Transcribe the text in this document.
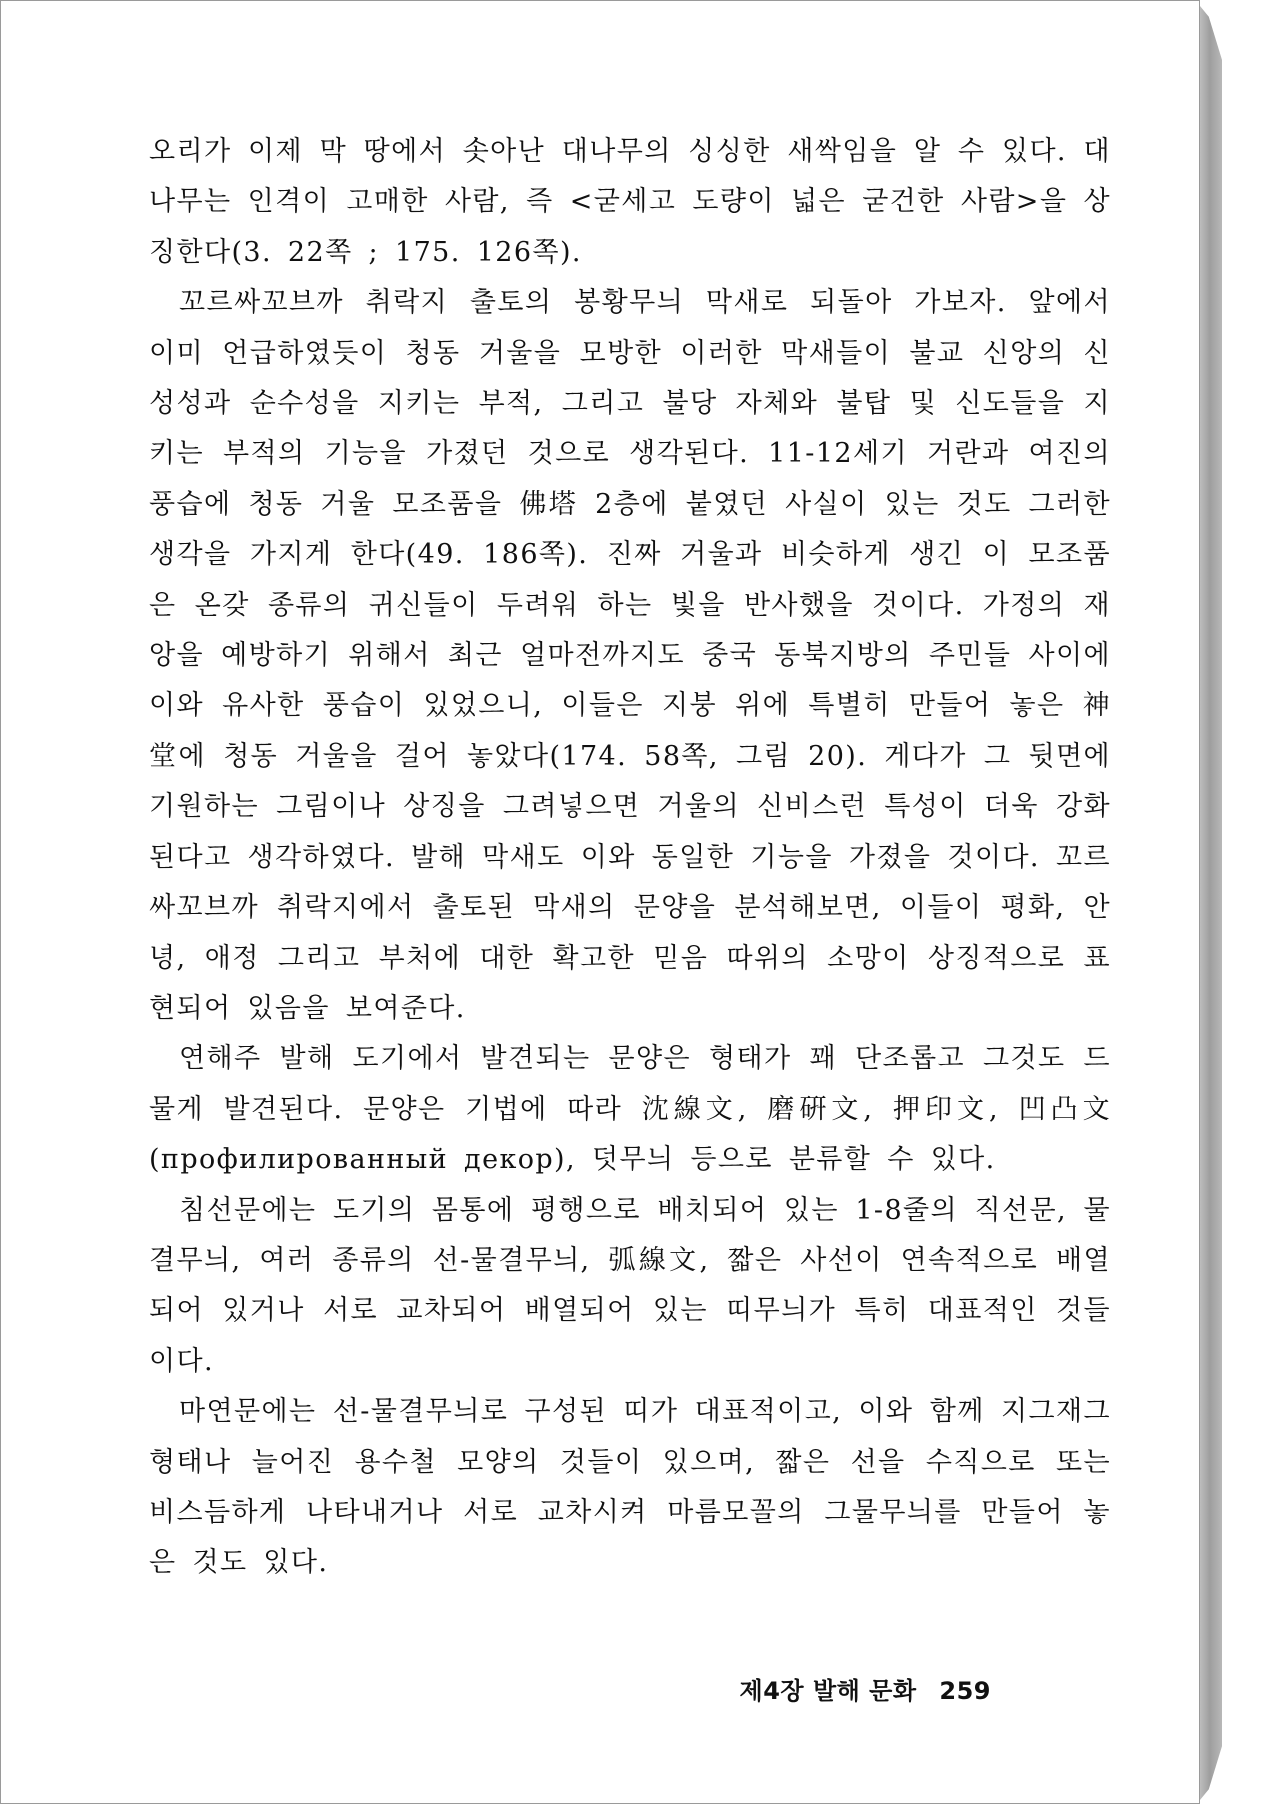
오리가 이제 막 땅에서 솟아난 대나무의 싱싱한 새싹임을 알 수 있다. 대나무는 인격이 고매한 사람, 즉 <굳세고 도량이 넓은 굳건한 사람>을 상징한다(3. 22쪽 ; 175. 126쪽).

꼬르싸꼬브까 취락지 출토의 봉황무늬 막새로 되돌아 가보자. 앞에서 이미 언급하였듯이 청동 거울을 모방한 이러한 막새들이 불교 신앙의 신성성과 순수성을 지키는 부적, 그리고 불당 자체와 불탑 및 신도들을 지키는 부적의 기능을 가졌던 것으로 생각된다. 11-12세기 거란과 여진의 풍습에 청동 거울 모조품을 佛塔 2층에 붙였던 사실이 있는 것도 그러한 생각을 가지게 한다(49. 186쪽). 진짜 거울과 비슷하게 생긴 이 모조품은 온갖 종류의 귀신들이 두려워 하는 빛을 반사했을 것이다. 가정의 재앙을 예방하기 위해서 최근 얼마전까지도 중국 동북지방의 주민들 사이에 이와 유사한 풍습이 있었으니, 이들은 지붕 위에 특별히 만들어 놓은 神堂에 청동 거울을 걸어 놓았다(174. 58쪽, 그림 20). 게다가 그 뒷면에 기원하는 그림이나 상징을 그려넣으면 거울의 신비스런 특성이 더욱 강화된다고 생각하였다. 발해 막새도 이와 동일한 기능을 가졌을 것이다. 꼬르싸꼬브까 취락지에서 출토된 막새의 문양을 분석해보면, 이들이 평화, 안녕, 애정 그리고 부처에 대한 확고한 믿음 따위의 소망이 상징적으로 표현되어 있음을 보여준다.

연해주 발해 도기에서 발견되는 문양은 형태가 꽤 단조롭고 그것도 드물게 발견된다. 문양은 기법에 따라 沈線文, 磨硏文, 押印文, 凹凸文(профилированный декор), 덧무늬 등으로 분류할 수 있다.

침선문에는 도기의 몸통에 평행으로 배치되어 있는 1-8줄의 직선문, 물결무늬, 여러 종류의 선-물결무늬, 弧線文, 짧은 사선이 연속적으로 배열되어 있거나 서로 교차되어 배열되어 있는 띠무늬가 특히 대표적인 것들이다.

마연문에는 선-물결무늬로 구성된 띠가 대표적이고, 이와 함께 지그재그 형태나 늘어진 용수철 모양의 것들이 있으며, 짧은 선을 수직으로 또는 비스듬하게 나타내거나 서로 교차시켜 마름모꼴의 그물무늬를 만들어 놓은 것도 있다.

제4장 발해 문화 259
